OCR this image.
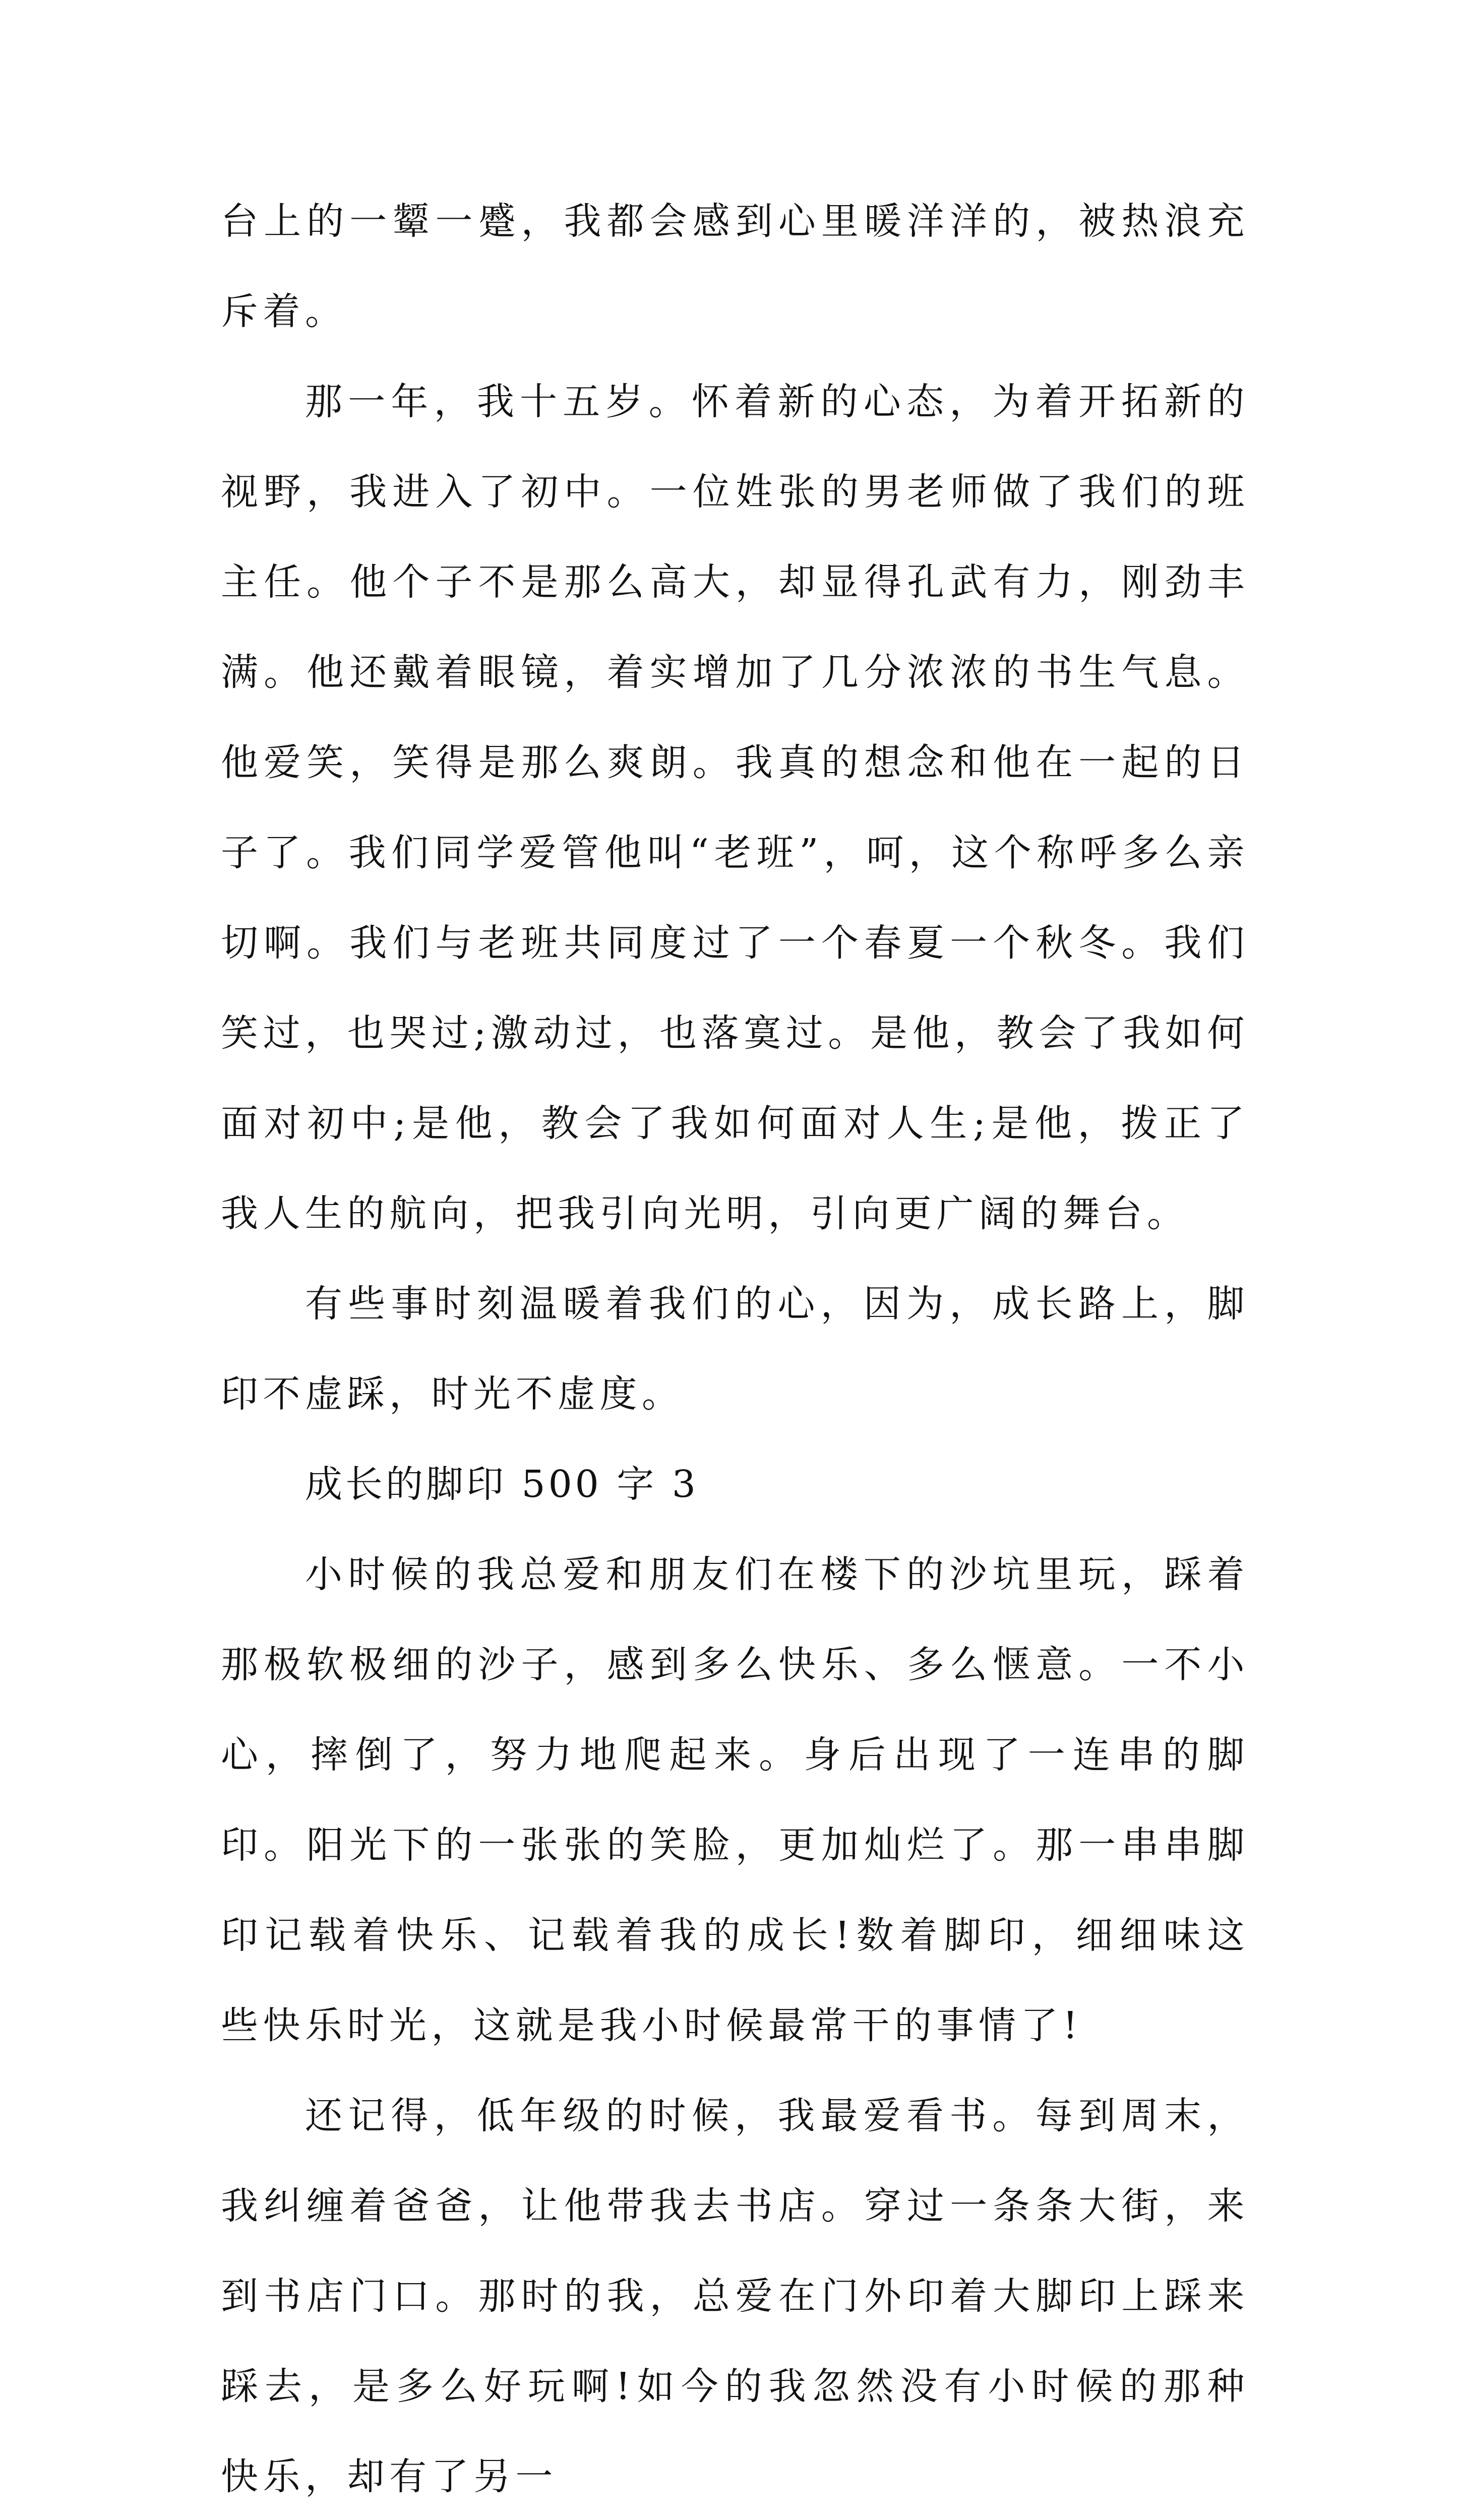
台上的一颦一蹙，我都会感到心里暖洋洋的，被热浪充斥着。

那一年，我十五岁。怀着新的心态，为着开拓新的视野，我进入了初中。一位姓张的男老师做了我们的班主任。他个子不是那么高大，却显得孔武有力，刚劲丰满。他还戴着眼镜，着实增加了几分浓浓的书生气息。他爱笑，笑得是那么爽朗。我真的想念和他在一起的日子了。我们同学爱管他叫“老班”，呵，这个称呼多么亲切啊。我们与老班共同度过了一个春夏一个秋冬。我们笑过，也哭过;激动过，也落寞过。是他，教会了我如何面对初中;是他，教会了我如何面对人生;是他，拨正了我人生的航向，把我引向光明，引向更广阔的舞台。

有些事时刻温暖着我们的心，因为，成长路上，脚印不虚踩，时光不虚度。

成长的脚印 500 字 3

小时候的我总爱和朋友们在楼下的沙坑里玩，踩着那极软极细的沙子，感到多么快乐、多么惬意。一不小心，摔倒了，努力地爬起来。身后出现了一连串的脚印。阳光下的一张张的笑脸，更加灿烂了。那一串串脚印记载着快乐、记载着我的成长!数着脚印，细细味这些快乐时光，这就是我小时候最常干的事情了!

还记得，低年级的时候，我最爱看书。每到周末，我纠缠着爸爸，让他带我去书店。穿过一条条大街，来到书店门口。那时的我，总爱在门外印着大脚印上踩来踩去，是多么好玩啊!如今的我忽然没有小时候的那种快乐，却有了另一
